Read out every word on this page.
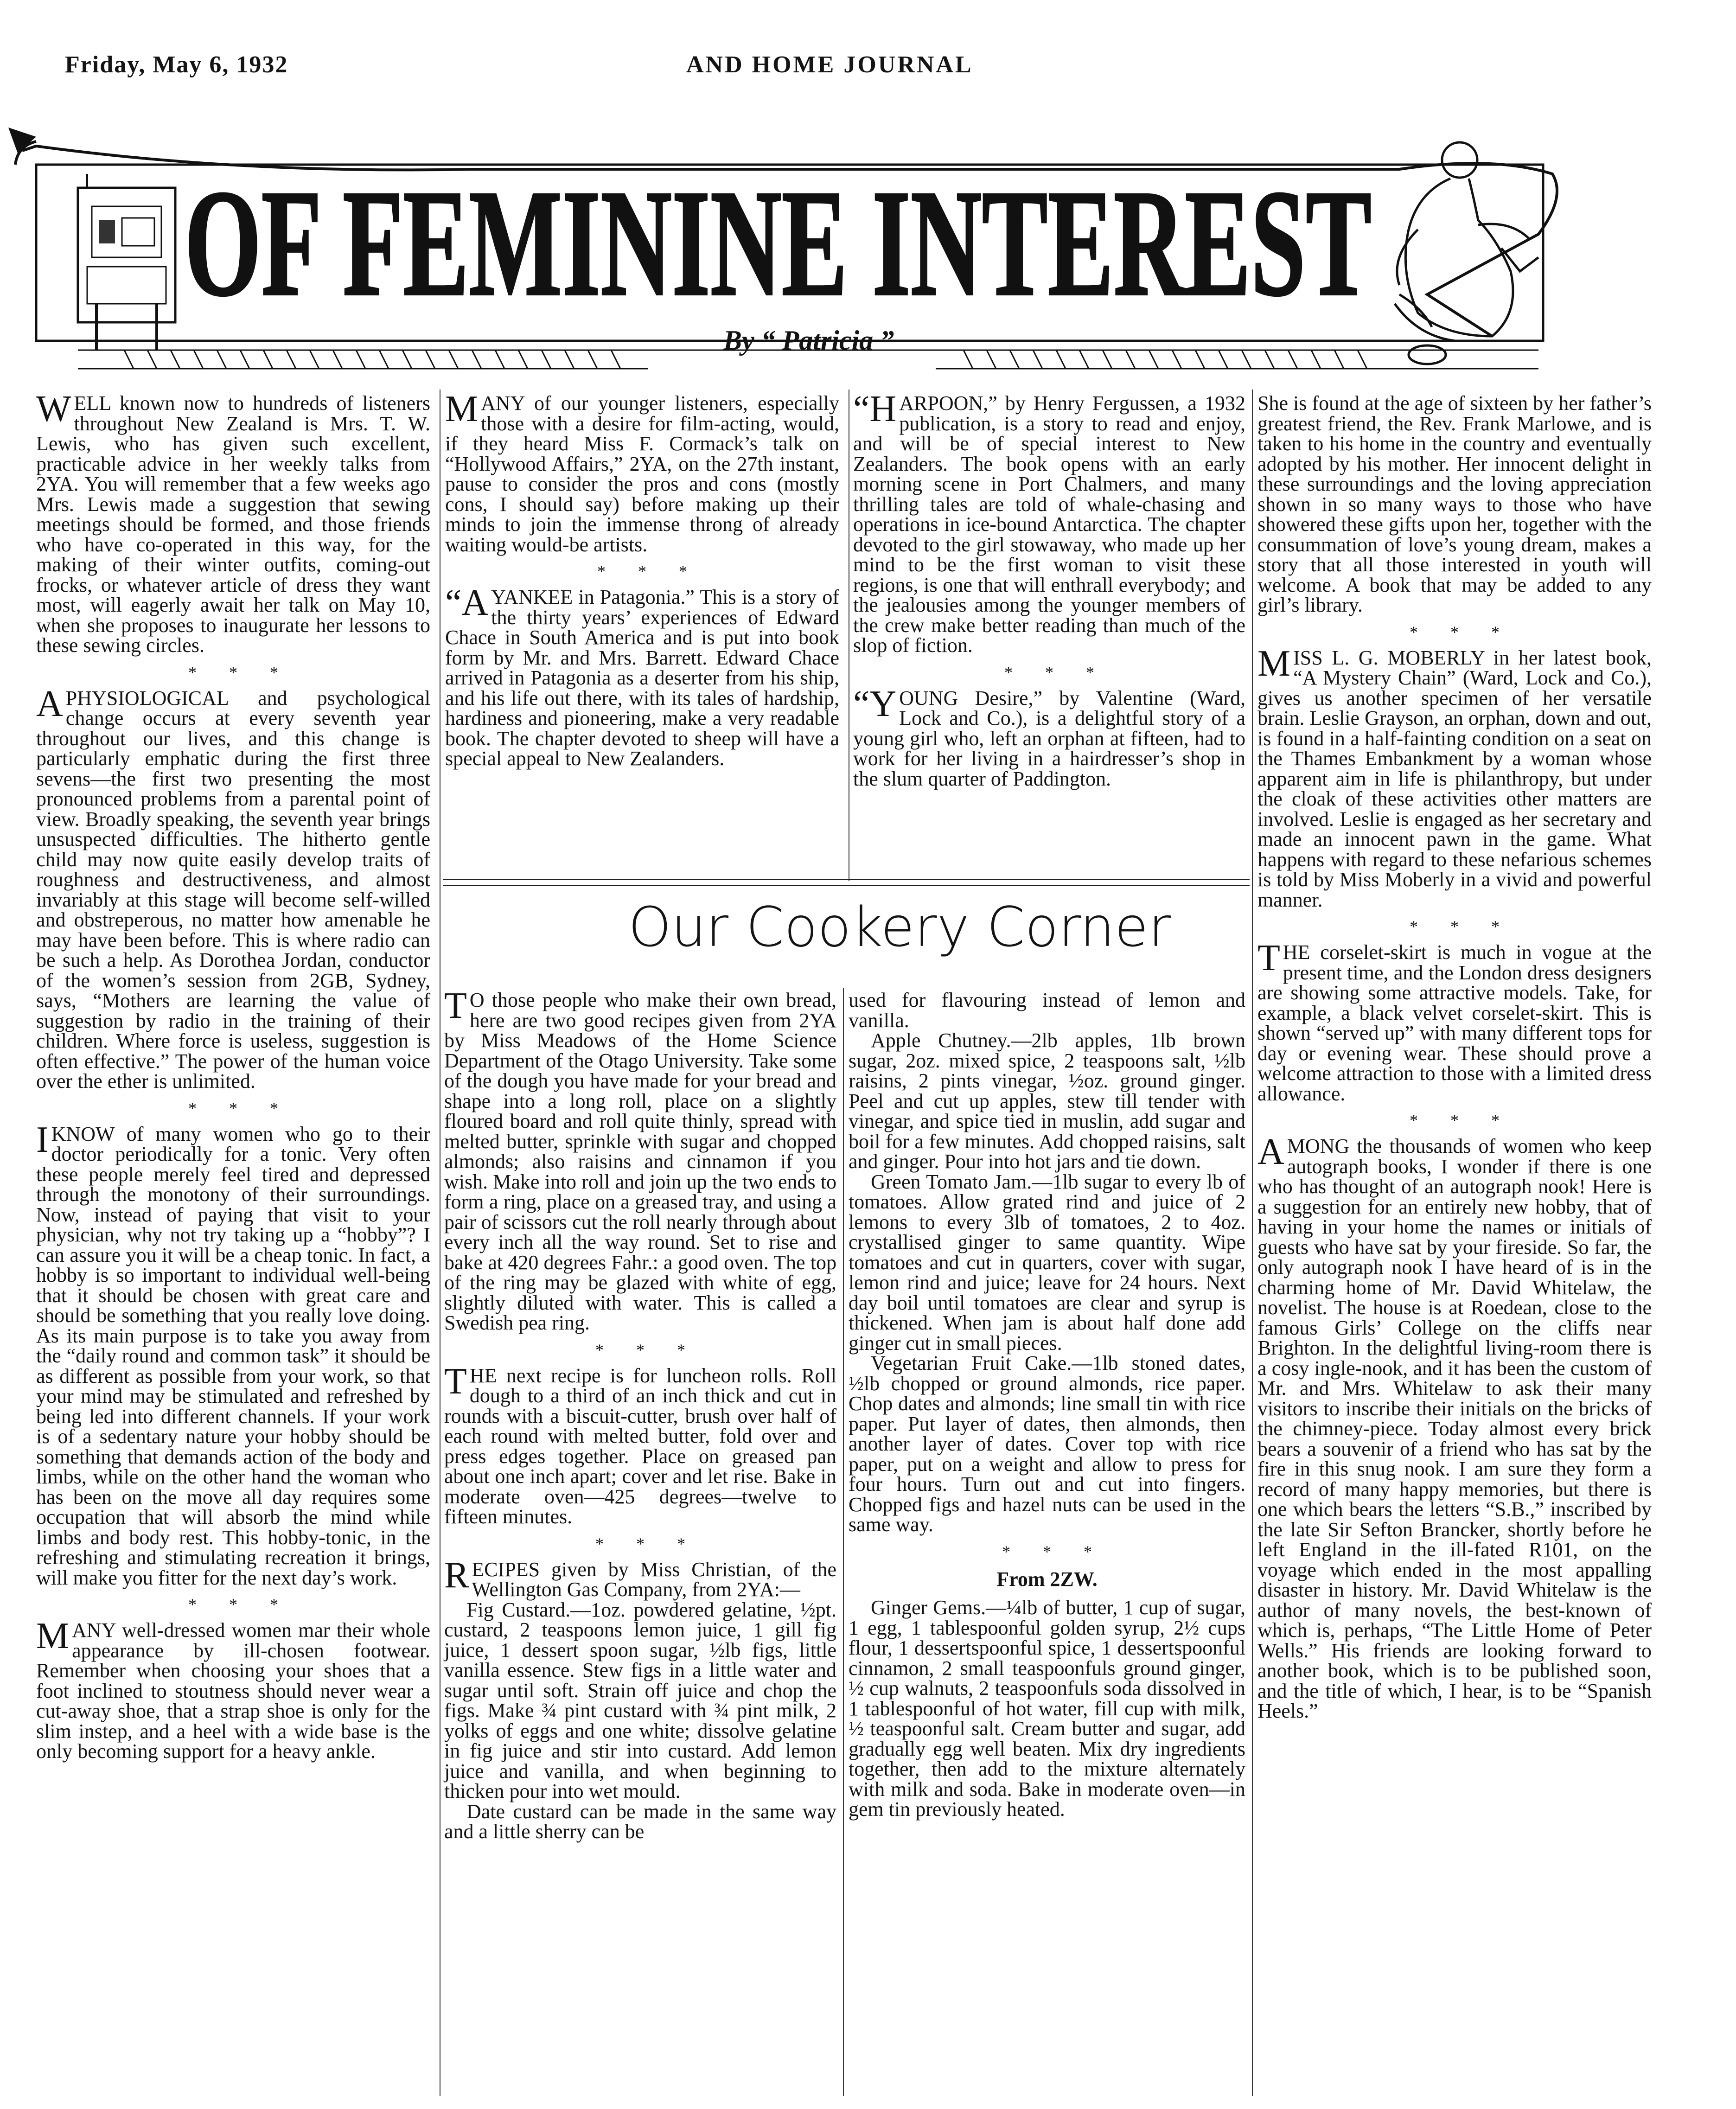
Friday, May 6, 1932	AND HOME JOURNAL
OF FEMININE INTEREST
By “ Patricia ”

WELL known now to hundreds of listeners throughout New Zealand is Mrs. T. W. Lewis, who has given such excellent, practicable advice in her weekly talks from 2YA. You will remember that a few weeks ago Mrs. Lewis made a suggestion that sewing meetings should be formed, and those friends who have co-operated in this way, for the making of their winter outfits, coming-out frocks, or whatever article of dress they want most, will eagerly await her talk on May 10, when she proposes to inaugurate her lessons to these sewing circles.

***

APHYSIOLOGICAL and psychological change occurs at every seventh year throughout our lives, and this change is particularly emphatic during the first three sevens—the first two presenting the most pronounced problems from a parental point of view. Broadly speaking, the seventh year brings unsuspected difficulties. The hitherto gentle child may now quite easily develop traits of roughness and destructiveness, and almost invariably at this stage will become self-willed and obstreperous, no matter how amenable he may have been before. This is where radio can be such a help. As Dorothea Jordan, conductor of the women’s session from 2GB, Sydney, says, “Mothers are learning the value of suggestion by radio in the training of their children. Where force is useless, suggestion is often effective.” The power of the human voice over the ether is unlimited.

***

IKNOW of many women who go to their doctor periodically for a tonic. Very often these people merely feel tired and depressed through the monotony of their surroundings. Now, instead of paying that visit to your physician, why not try taking up a “hobby”? I can assure you it will be a cheap tonic. In fact, a hobby is so important to individual well-being that it should be chosen with great care and should be something that you really love doing. As its main purpose is to take you away from the “daily round and common task” it should be as different as possible from your work, so that your mind may be stimulated and refreshed by being led into different channels. If your work is of a sedentary nature your hobby should be something that demands action of the body and limbs, while on the other hand the woman who has been on the move all day requires some occupation that will absorb the mind while limbs and body rest. This hobby-tonic, in the refreshing and stimulating recreation it brings, will make you fitter for the next day’s work.

***

MANY well-dressed women mar their whole appearance by ill-chosen footwear. Remember when choosing your shoes that a foot inclined to stoutness should never wear a cut-away shoe, that a strap shoe is only for the slim instep, and a heel with a wide base is the only becoming support for a heavy ankle.

MANY of our younger listeners, especially those with a desire for film-acting, would, if they heard Miss F. Cormack’s talk on “Hollywood Affairs,” 2YA, on the 27th instant, pause to consider the pros and cons (mostly cons, I should say) before making up their minds to join the immense throng of already waiting would-be artists.

***

“AYANKEE in Patagonia.” This is a story of the thirty years’ experiences of Edward Chace in South America and is put into book form by Mr. and Mrs. Barrett. Edward Chace arrived in Patagonia as a deserter from his ship, and his life out there, with its tales of hardship, hardiness and pioneering, make a very readable book. The chapter devoted to sheep will have a special appeal to New Zealanders.

“HARPOON,” by Henry Fergussen, a 1932 publication, is a story to read and enjoy, and will be of special interest to New Zealanders. The book opens with an early morning scene in Port Chalmers, and many thrilling tales are told of whale-chasing and operations in ice-bound Antarctica. The chapter devoted to the girl stowaway, who made up her mind to be the first woman to visit these regions, is one that will enthrall everybody; and the jealousies among the younger members of the crew make better reading than much of the slop of fiction.

***

“YOUNG Desire,” by Valentine (Ward, Lock and Co.), is a delightful story of a young girl who, left an orphan at fifteen, had to work for her living in a hairdresser’s shop in the slum quarter of Paddington.

She is found at the age of sixteen by her father’s greatest friend, the Rev. Frank Marlowe, and is taken to his home in the country and eventually adopted by his mother. Her innocent delight in these surroundings and the loving appreciation shown in so many ways to those who have showered these gifts upon her, together with the consummation of love’s young dream, makes a story that all those interested in youth will welcome. A book that may be added to any girl’s library.

***

MISS L. G. MOBERLY in her latest book, “A Mystery Chain” (Ward, Lock and Co.), gives us another specimen of her versatile brain. Leslie Grayson, an orphan, down and out, is found in a half-fainting condition on a seat on the Thames Embankment by a woman whose apparent aim in life is philanthropy, but under the cloak of these activities other matters are involved. Leslie is engaged as her secretary and made an innocent pawn in the game. What happens with regard to these nefarious schemes is told by Miss Moberly in a vivid and powerful manner.

***

THE corselet-skirt is much in vogue at the present time, and the London dress designers are showing some attractive models. Take, for example, a black velvet corselet-skirt. This is shown “served up” with many different tops for day or evening wear. These should prove a welcome attraction to those with a limited dress allowance.

***

AMONG the thousands of women who keep autograph books, I wonder if there is one who has thought of an autograph nook! Here is a suggestion for an entirely new hobby, that of having in your home the names or initials of guests who have sat by your fireside. So far, the only autograph nook I have heard of is in the charming home of Mr. David Whitelaw, the novelist. The house is at Roedean, close to the famous Girls’ College on the cliffs near Brighton. In the delightful living-room there is a cosy ingle-nook, and it has been the custom of Mr. and Mrs. Whitelaw to ask their many visitors to inscribe their initials on the bricks of the chimney-piece. Today almost every brick bears a souvenir of a friend who has sat by the fire in this snug nook. I am sure they form a record of many happy memories, but there is one which bears the letters “S.B.,” inscribed by the late Sir Sefton Brancker, shortly before he left England in the ill-fated R101, on the voyage which ended in the most appalling disaster in history. Mr. David Whitelaw is the author of many novels, the best-known of which is, perhaps, “The Little Home of Peter Wells.” His friends are looking forward to another book, which is to be published soon, and the title of which, I hear, is to be “Spanish Heels.”

Our Cookery Corner

T O those people who make their own bread, here are two good recipes given from 2YA by Miss Meadows of the Home Science Department of the Otago University. Take some of the dough you have made for your bread and shape into a long roll, place on a slightly floured board and roll quite thinly, spread with melted butter, sprinkle with sugar and chopped almonds; also raisins and cinnamon if you wish. Make into roll and join up the two ends to form a ring, place on a greased tray, and using a pair of scissors cut the roll nearly through about every inch all the way round. Set to rise and bake at 420 degrees Fahr.: a good oven. The top of the ring may be glazed with white of egg, slightly diluted with water. This is called a Swedish pea ring.

***

THE next recipe is for luncheon rolls. Roll dough to a third of an inch thick and cut in rounds with a biscuit-cutter, brush over half of each round with melted butter, fold over and press edges together. Place on greased pan about one inch apart; cover and let rise. Bake in moderate oven—425 degrees—twelve to fifteen minutes.

***

RECIPES given by Miss Christian, of the Wellington Gas Company, from 2YA:—

Fig Custard.—1oz. powdered gelatine, ½pt. custard, 2 teaspoons lemon juice, 1 gill fig juice, 1 dessert spoon sugar, ½lb figs, little vanilla essence. Stew figs in a little water and sugar until soft. Strain off juice and chop the figs. Make ¾ pint custard with ¾ pint milk, 2 yolks of eggs and one white; dissolve gelatine in fig juice and stir into custard. Add lemon juice and vanilla, and when beginning to thicken pour into wet mould.

Date custard can be made in the same way and a little sherry can be

used for flavouring instead of lemon and vanilla.

Apple Chutney.—2lb apples, 1lb brown sugar, 2oz. mixed spice, 2 teaspoons salt, ½lb raisins, 2 pints vinegar, ½oz. ground ginger. Peel and cut up apples, stew till tender with vinegar, and spice tied in muslin, add sugar and boil for a few minutes. Add chopped raisins, salt and ginger. Pour into hot jars and tie down.

Green Tomato Jam.—1lb sugar to every lb of tomatoes. Allow grated rind and juice of 2 lemons to every 3lb of tomatoes, 2 to 4oz. crystallised ginger to same quantity. Wipe tomatoes and cut in quarters, cover with sugar, lemon rind and juice; leave for 24 hours. Next day boil until tomatoes are clear and syrup is thickened. When jam is about half done add ginger cut in small pieces.

Vegetarian Fruit Cake.—1lb stoned dates, ½lb chopped or ground almonds, rice paper. Chop dates and almonds; line small tin with rice paper. Put layer of dates, then almonds, then another layer of dates. Cover top with rice paper, put on a weight and allow to press for four hours. Turn out and cut into fingers. Chopped figs and hazel nuts can be used in the same way.

***
From 2ZW.

Ginger Gems.—¼lb of butter, 1 cup of sugar, 1 egg, 1 tablespoonful golden syrup, 2½ cups flour, 1 dessertspoonful spice, 1 dessertspoonful cinnamon, 2 small teaspoonfuls ground ginger, ½ cup walnuts, 2 teaspoonfuls soda dissolved in 1 tablespoonful of hot water, fill cup with milk, ½ teaspoonful salt. Cream butter and sugar, add gradually egg well beaten. Mix dry ingredients together, then add to the mixture alternately with milk and soda. Bake in moderate oven—in gem tin previously heated.
